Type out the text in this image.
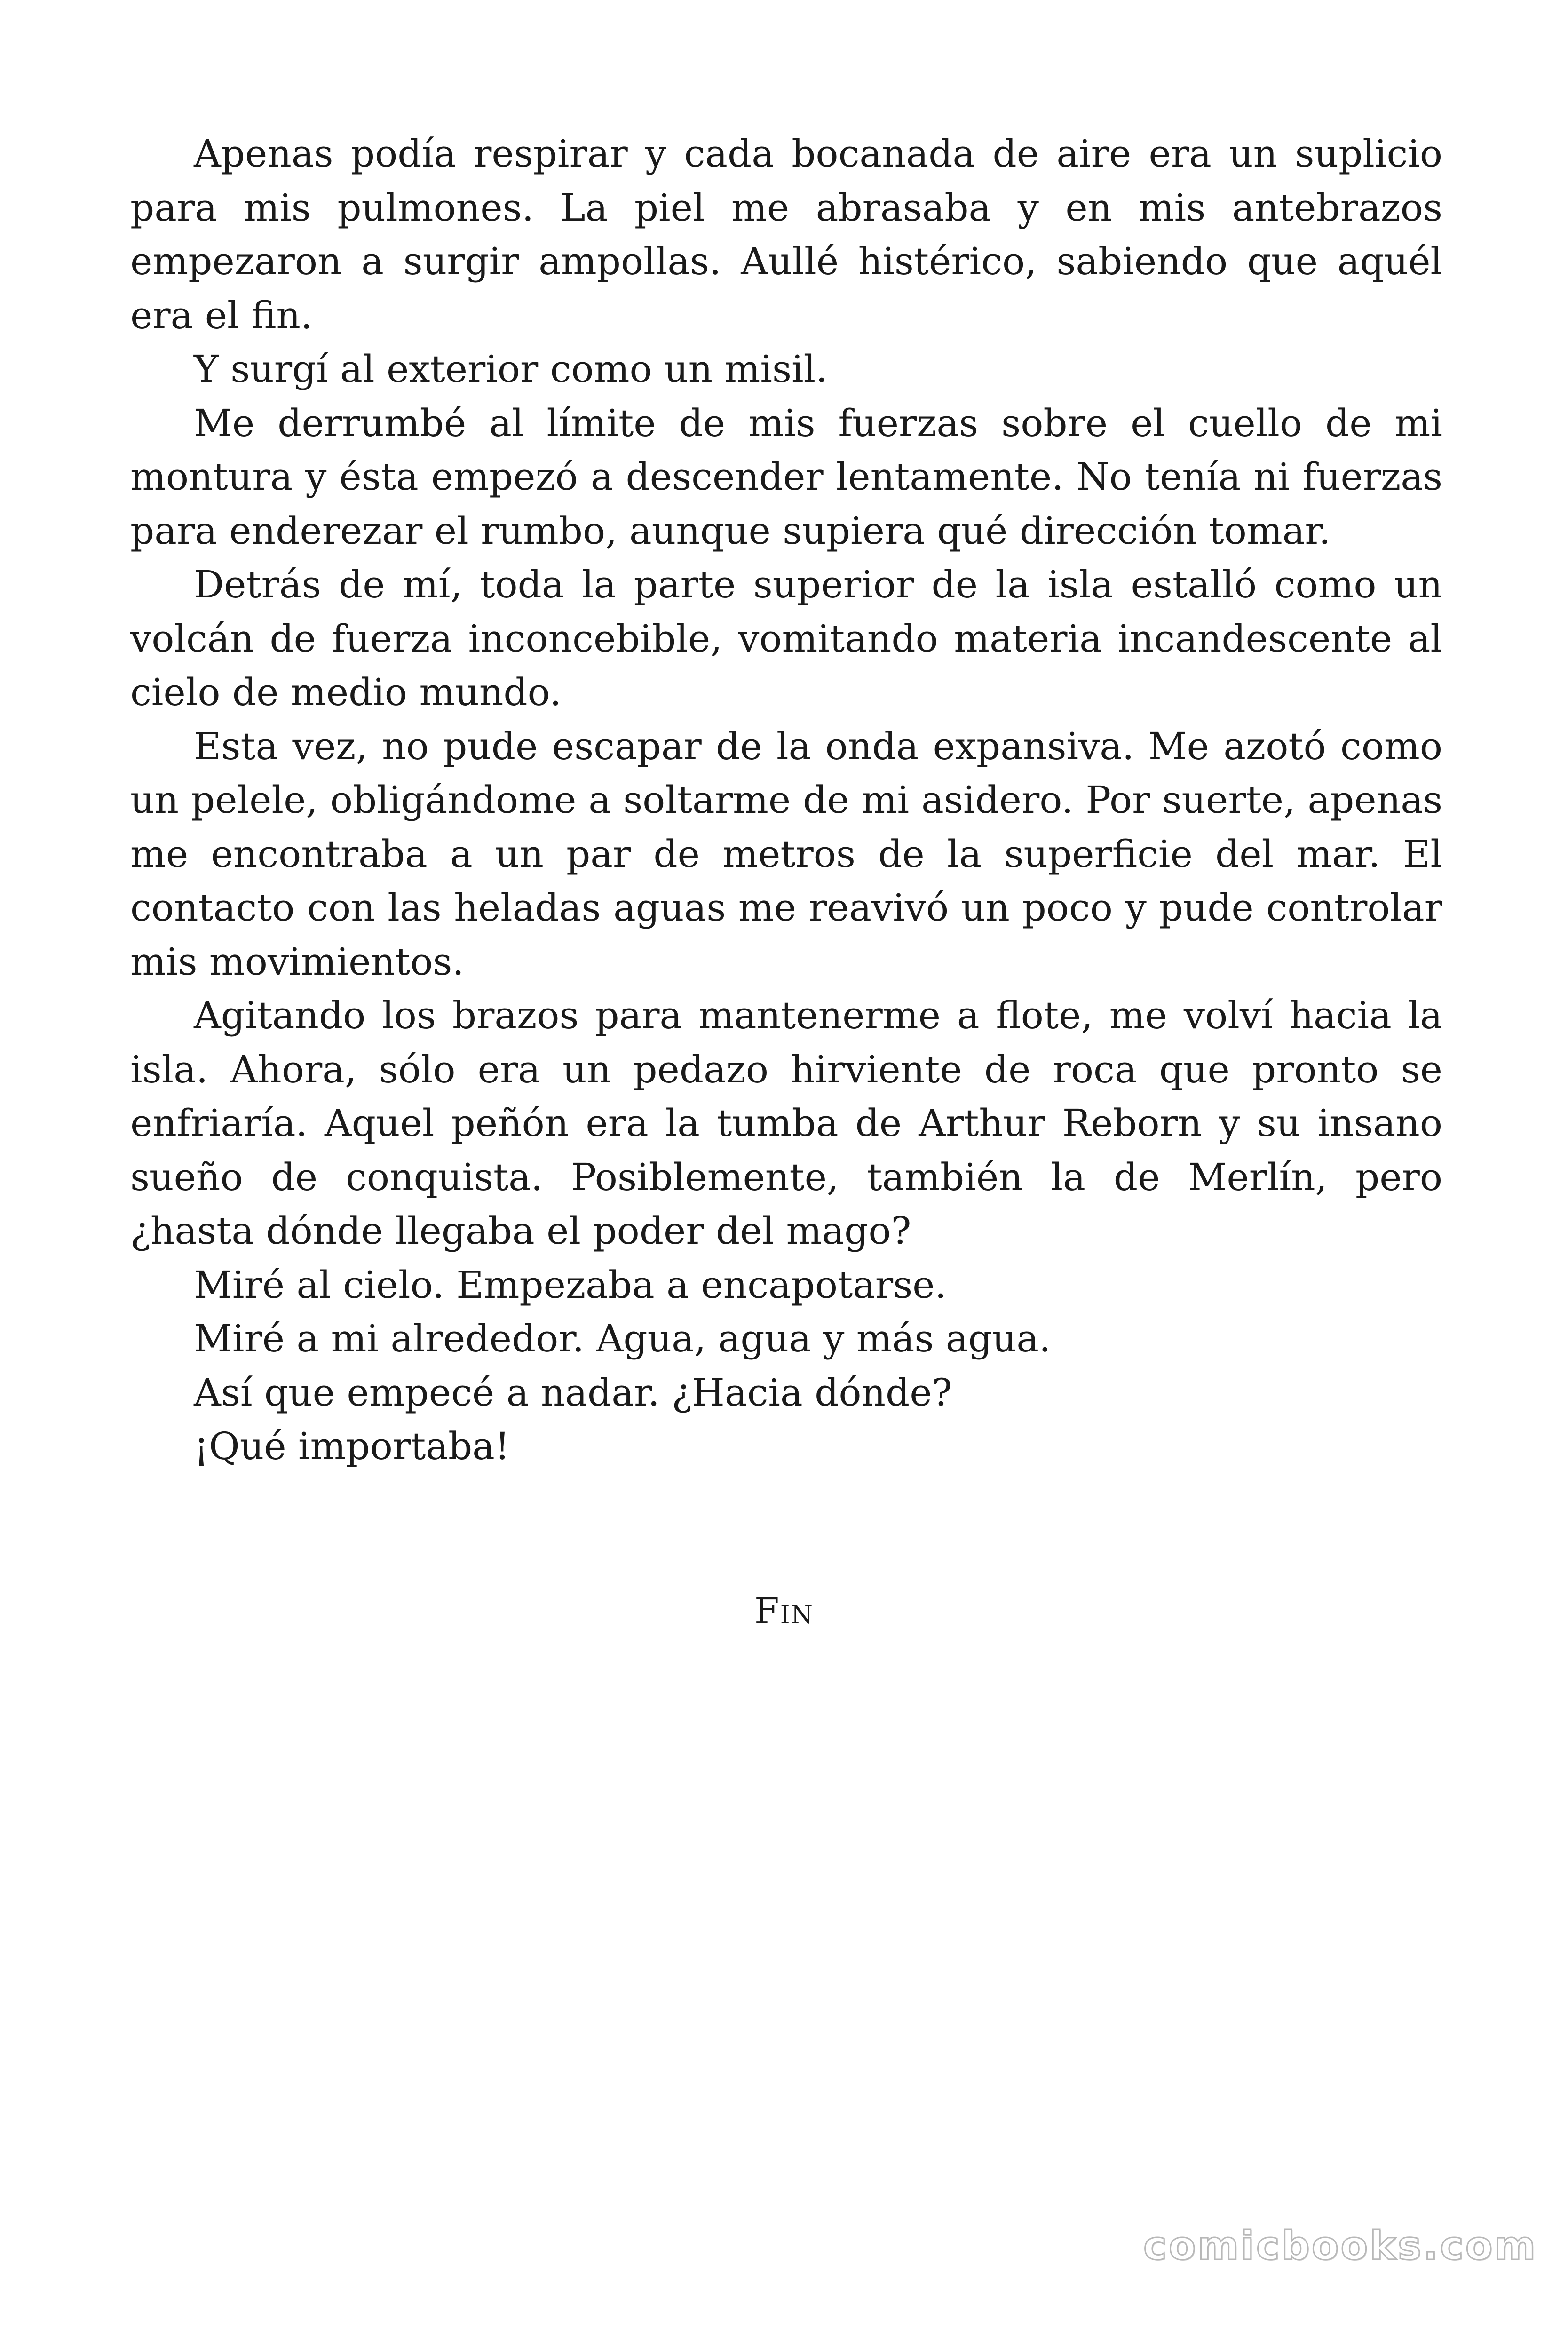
Apenas podía respirar y cada bocanada de aire era un suplicio para mis pulmones. La piel me abrasaba y en mis antebrazos empezaron a surgir ampollas. Aullé histérico, sabiendo que aquél era el fin.

Y surgí al exterior como un misil.

Me derrumbé al límite de mis fuerzas sobre el cuello de mi montura y ésta empezó a descender lentamente. No tenía ni fuerzas para enderezar el rumbo, aunque supiera qué dirección tomar.

Detrás de mí, toda la parte superior de la isla estalló como un volcán de fuerza inconcebible, vomitando materia incandescente al cielo de medio mundo.

Esta vez, no pude escapar de la onda expansiva. Me azotó como un pelele, obligándome a soltarme de mi asidero. Por suerte, apenas me encontraba a un par de metros de la superficie del mar. El contacto con las heladas aguas me reavivó un poco y pude controlar mis movimientos.

Agitando los brazos para mantenerme a flote, me volví hacia la isla. Ahora, sólo era un pedazo hirviente de roca que pronto se enfriaría. Aquel peñón era la tumba de Arthur Reborn y su insano sueño de conquista. Posiblemente, también la de Merlín, pero ¿hasta dónde llegaba el poder del mago?

Miré al cielo. Empezaba a encapotarse.

Miré a mi alrededor. Agua, agua y más agua.

Así que empecé a nadar. ¿Hacia dónde?

¡Qué importaba!

Fin

comicbooks.com
